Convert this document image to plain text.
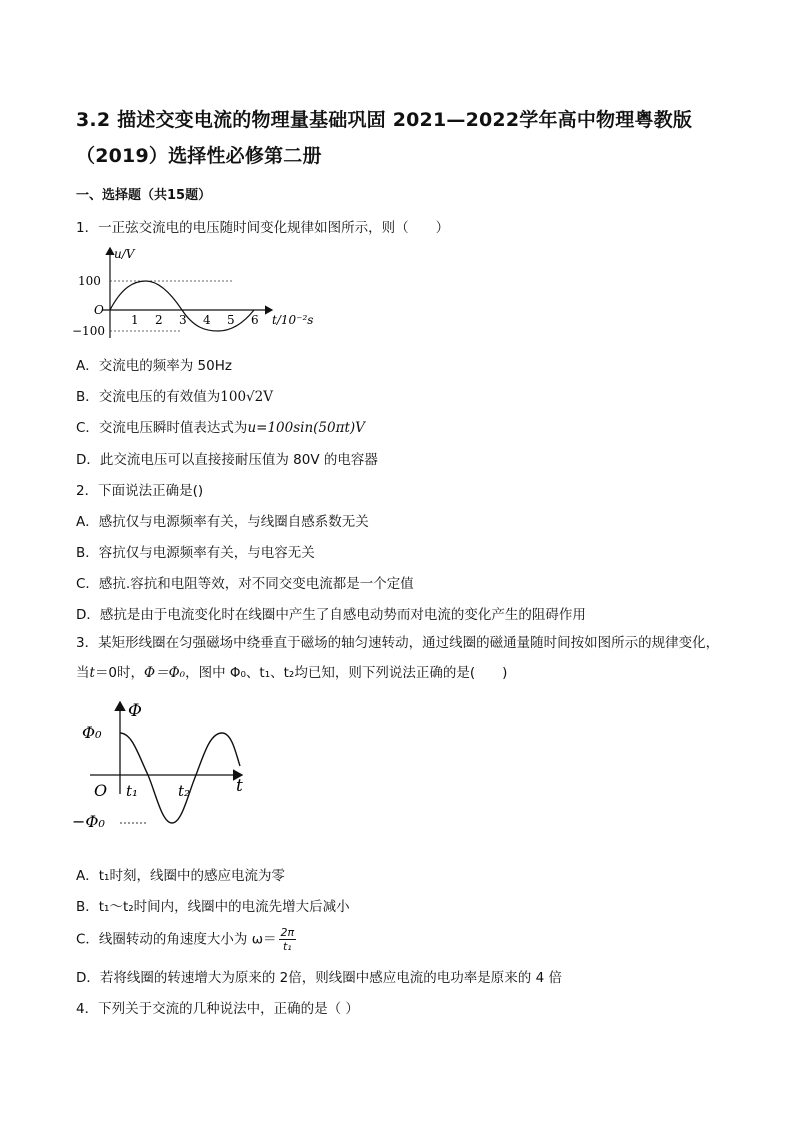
3.2 描述交变电流的物理量基础巩固 2021—2022学年高中物理粤教版（2019）选择性必修第二册
一、选择题（共15题）
1．一正弦交流电的电压随时间变化规律如图所示，则（　　）
u/V
100
O
−100
1 2 3 4 5 6 t/10⁻²s
A．交流电的频率为 50Hz
B．交流电压的有效值为100√2V
C．交流电压瞬时值表达式为u=100sin(50πt)V
D．此交流电压可以直接接耐压值为 80V 的电容器
2．下面说法正确是()
A．感抗仅与电源频率有关，与线圈自感系数无关
B．容抗仅与电源频率有关，与电容无关
C．感抗.容抗和电阻等效，对不同交变电流都是一个定值
D．感抗是由于电流变化时在线圈中产生了自感电动势而对电流的变化产生的阻碍作用
3．某矩形线圈在匀强磁场中绕垂直于磁场的轴匀速转动，通过线圈的磁通量随时间按如图所示的规律变化，当t＝0时，Φ＝Φ₀，图中 Φ₀、t₁、t₂均已知，则下列说法正确的是(　　)
Φ
Φ₀
O t₁	t₂	t
−Φ₀
A．t₁时刻，线圈中的感应电流为零
B．t₁～t₂时间内，线圈中的电流先增大后减小
C．线圈转动的角速度大小为 $\omega= \frac{2\pi}{\text{t₁}}$
D．若将线圈的转速增大为原来的 2倍，则线圈中感应电流的电功率是原来的 4 倍
4．下列关于交流的几种说法中，正确的是（ ）
